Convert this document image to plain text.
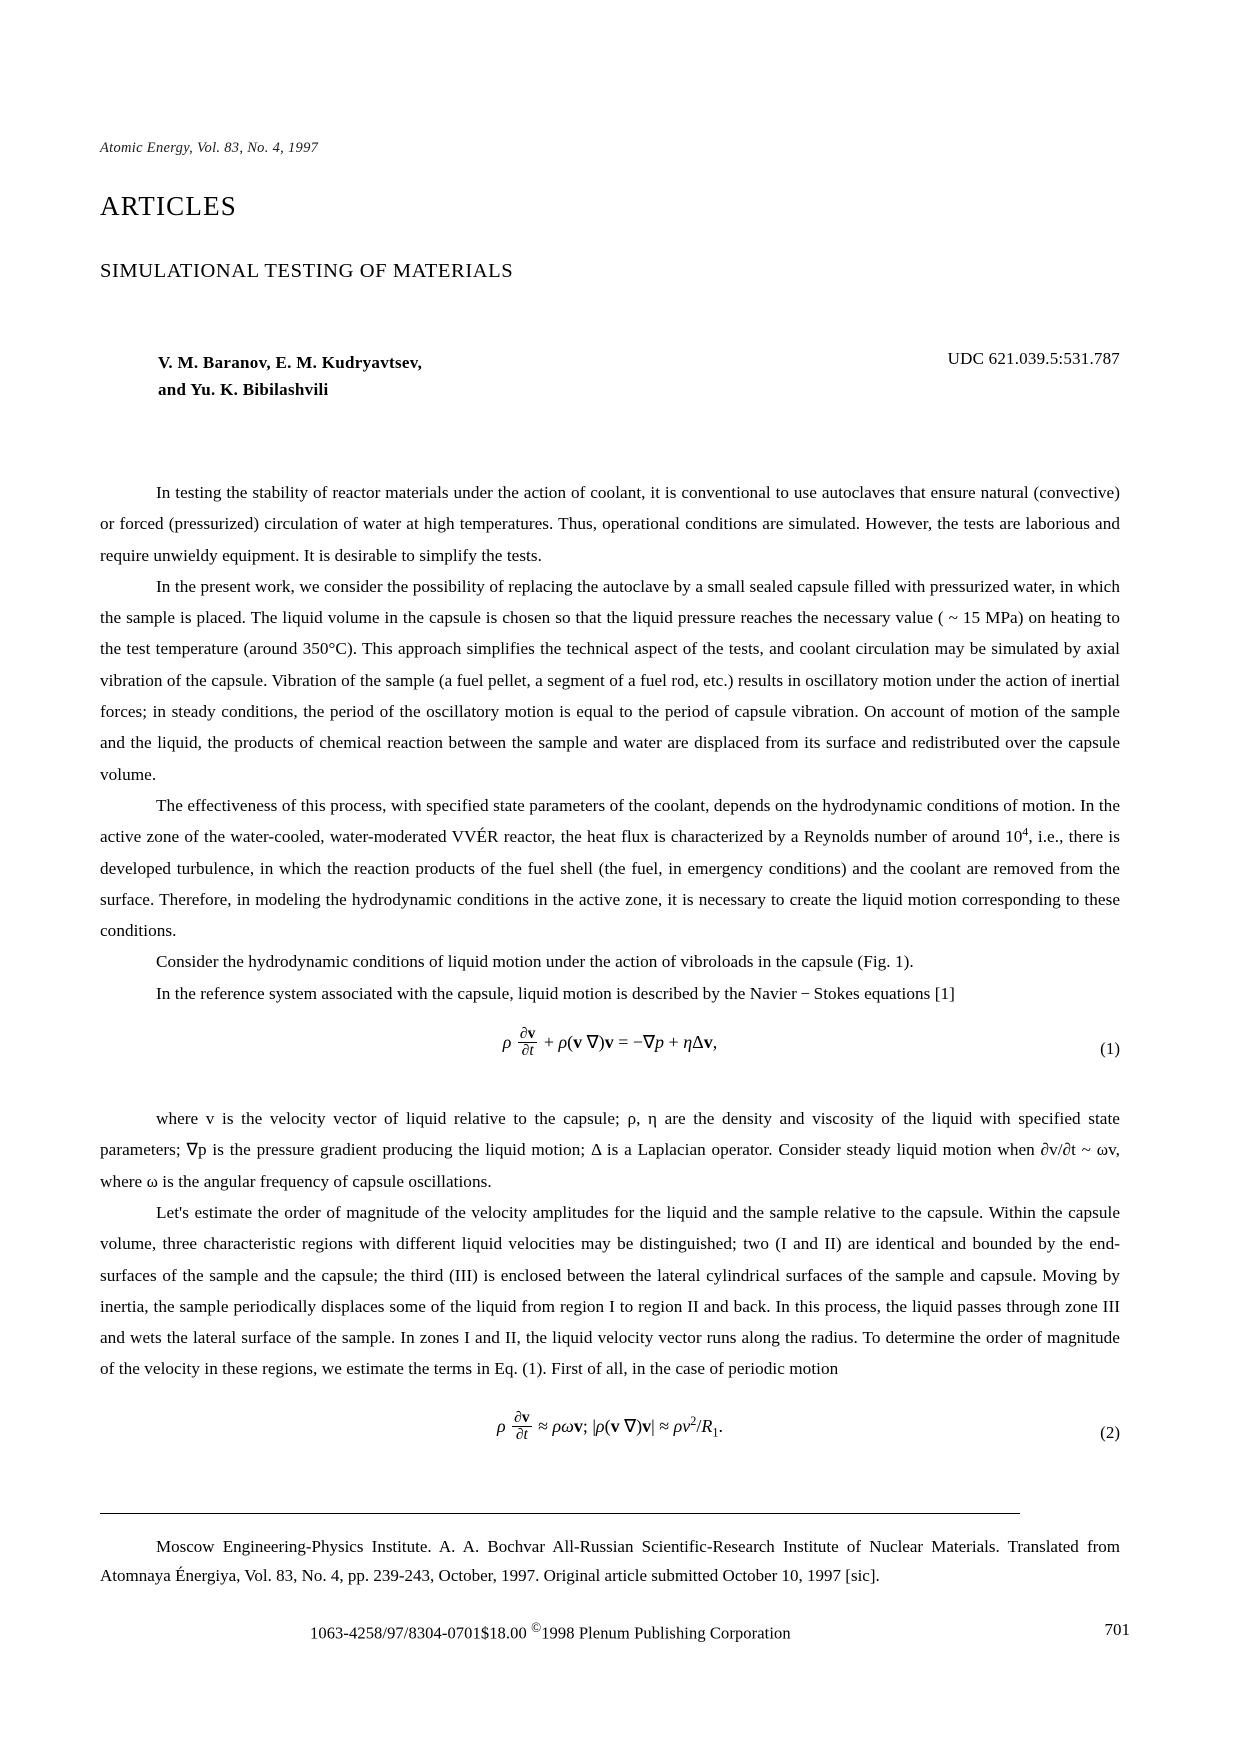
Atomic Energy, Vol. 83, No. 4, 1997
ARTICLES
SIMULATIONAL TESTING OF MATERIALS
V. M. Baranov, E. M. Kudryavtsev,
and Yu. K. Bibilashvili
UDC 621.039.5:531.787

In testing the stability of reactor materials under the action of coolant, it is conventional to use autoclaves that ensure natural (convective) or forced (pressurized) circulation of water at high temperatures. Thus, operational conditions are simulated. However, the tests are laborious and require unwieldy equipment. It is desirable to simplify the tests.

In the present work, we consider the possibility of replacing the autoclave by a small sealed capsule filled with pressurized water, in which the sample is placed. The liquid volume in the capsule is chosen so that the liquid pressure reaches the necessary value ( ~ 15 MPa) on heating to the test temperature (around 350°C). This approach simplifies the technical aspect of the tests, and coolant circulation may be simulated by axial vibration of the capsule. Vibration of the sample (a fuel pellet, a segment of a fuel rod, etc.) results in oscillatory motion under the action of inertial forces; in steady conditions, the period of the oscillatory motion is equal to the period of capsule vibration. On account of motion of the sample and the liquid, the products of chemical reaction between the sample and water are displaced from its surface and redistributed over the capsule volume.

The effectiveness of this process, with specified state parameters of the coolant, depends on the hydrodynamic conditions of motion. In the active zone of the water-cooled, water-moderated VVÉR reactor, the heat flux is characterized by a Reynolds number of around $10^4$, i.e., there is developed turbulence, in which the reaction products of the fuel shell (the fuel, in emergency conditions) and the coolant are removed from the surface. Therefore, in modeling the hydrodynamic conditions in the active zone, it is necessary to create the liquid motion corresponding to these conditions.

Consider the hydrodynamic conditions of liquid motion under the action of vibroloads in the capsule (Fig. 1).

In the reference system associated with the capsule, liquid motion is described by the Navier − Stokes equations [1]

ρ $\frac{\partial v}{\partial t} + \rho(v$ ∇)v = −∇p + ηΔv,	(1)

where v is the velocity vector of liquid relative to the capsule; ρ, η are the density and viscosity of the liquid with specified state parameters; ∇p is the pressure gradient producing the liquid motion; Δ is a Laplacian operator. Consider steady liquid motion when ∂v/∂t ~ ωv, where ω is the angular frequency of capsule oscillations.

Let's estimate the order of magnitude of the velocity amplitudes for the liquid and the sample relative to the capsule. Within the capsule volume, three characteristic regions with different liquid velocities may be distinguished; two (I and II) are identical and bounded by the end-surfaces of the sample and the capsule; the third (III) is enclosed between the lateral cylindrical surfaces of the sample and capsule. Moving by inertia, the sample periodically displaces some of the liquid from region I to region II and back. In this process, the liquid passes through zone III and wets the lateral surface of the sample. In zones I and II, the liquid velocity vector runs along the radius. To determine the order of magnitude of the velocity in these regions, we estimate the terms in Eq. (1). First of all, in the case of periodic motion

ρ $\frac{\partial v}{\partial t} \approx \rho\omega v$; |ρ(v $\nabla)v| \approx \rho v^2/R_1$.	(2)
Moscow Engineering-Physics Institute. A. A. Bochvar All-Russian Scientific-Research Institute of Nuclear Materials. Translated from Atomnaya Énergiya, Vol. 83, No. 4, pp. 239-243, October, 1997. Original article submitted October 10, 1997 [sic].
1063-4258/97/8304-0701$18.00 ©1998 Plenum Publishing Corporation	701
